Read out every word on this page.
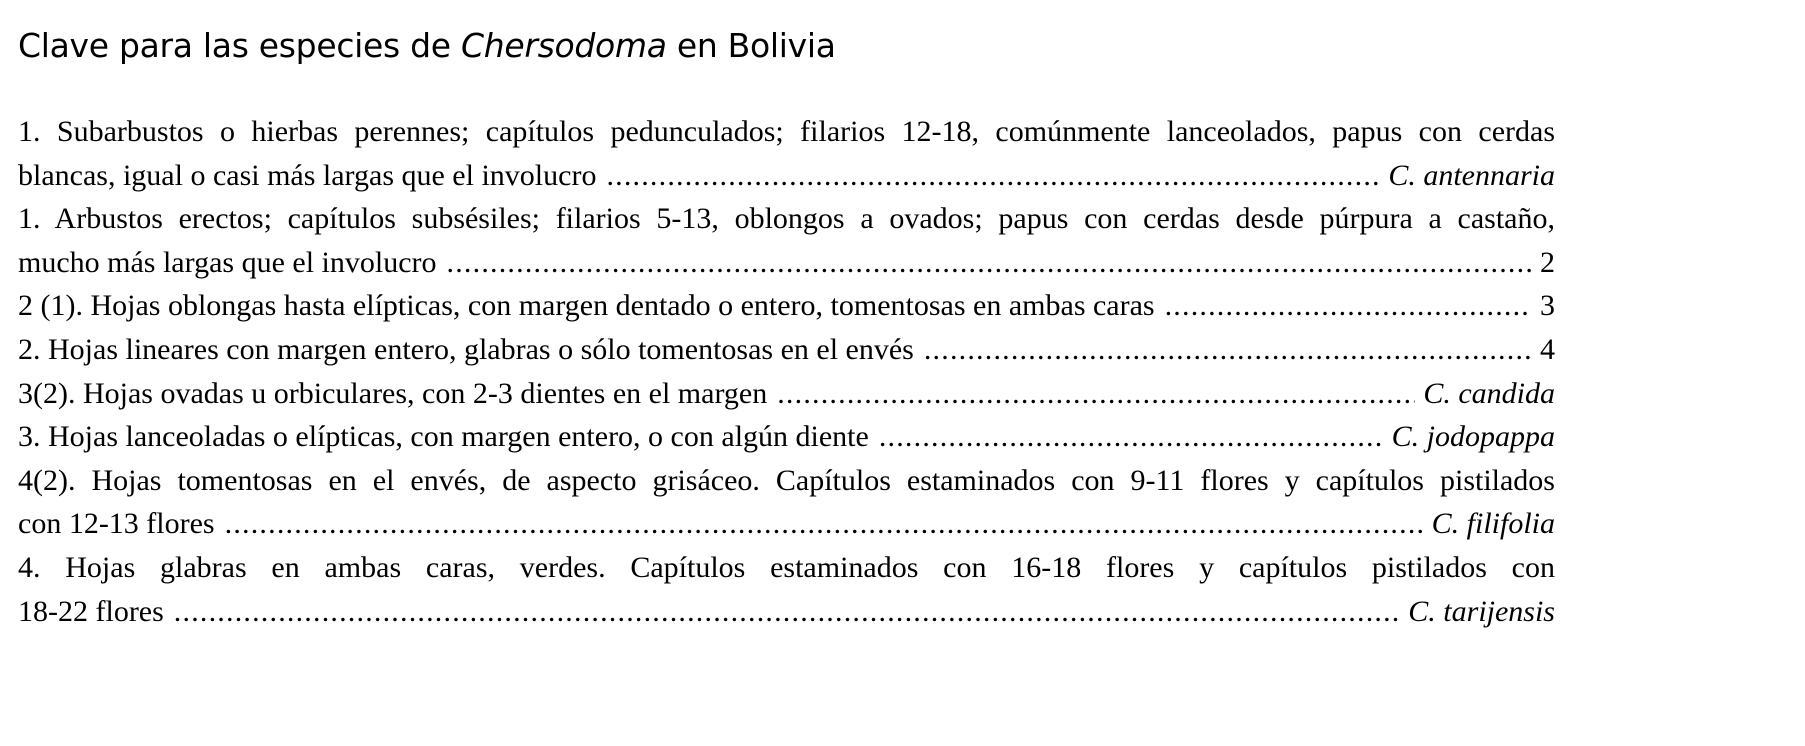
Clave para las especies de Chersodoma en Bolivia
1. Subarbustos o hierbas perennes; capítulos pedunculados; filarios 12-18, comúnmente lanceolados, papus con cerdas
blancas, igual o casi más largas que el involucro .....	C. antennaria
1. Arbustos erectos; capítulos subsésiles; filarios 5-13, oblongos a ovados; papus con cerdas desde púrpura a castaño,
mucho más largas que el involucro .....	2
2 (1). Hojas oblongas hasta elípticas, con margen dentado o entero, tomentosas en ambas caras .....	3
2. Hojas lineares con margen entero, glabras o sólo tomentosas en el envés .....	4
3(2). Hojas ovadas u orbiculares, con 2-3 dientes en el margen .....	C. candida
3. Hojas lanceoladas o elípticas, con margen entero, o con algún diente .....	C. jodopappa
4(2). Hojas tomentosas en el envés, de aspecto grisáceo. Capítulos estaminados con 9-11 flores y capítulos pistilados
con 12-13 flores .....	C. filifolia
4. Hojas glabras en ambas caras, verdes. Capítulos estaminados con 16-18 flores y capítulos pistilados con
18-22 flores .....	C. tarijensis
